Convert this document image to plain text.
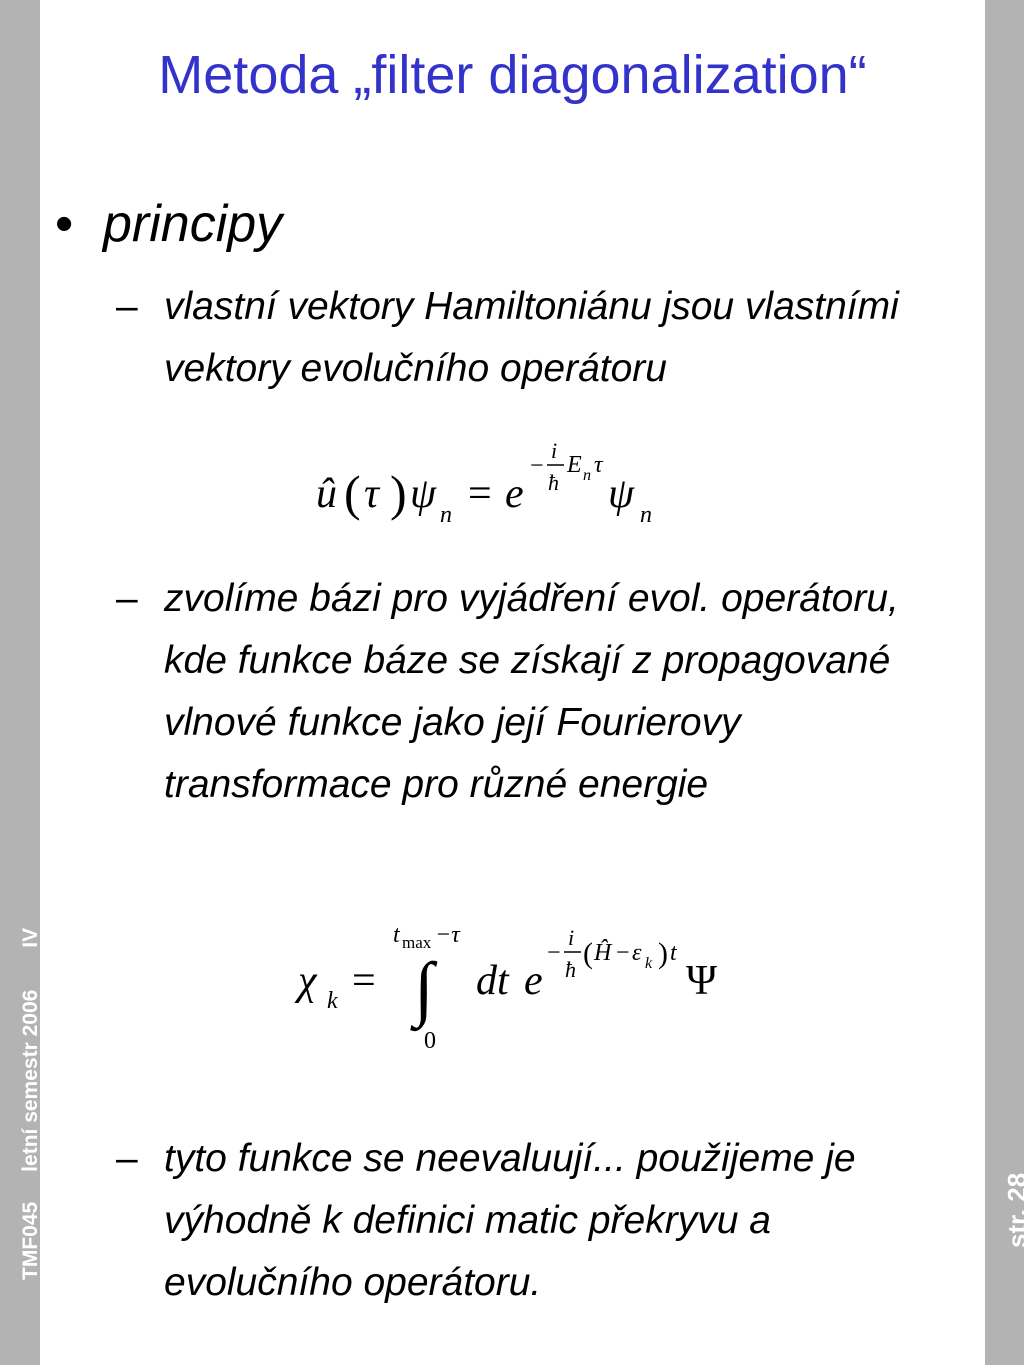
TMF045letní semestr 2006IV
str. 28
Metoda „filter diagonalization“
• principy
– vlastní vektory Hamiltoniánu jsou vlastními vektory evolučního operátoru
û ( τ ) ψ n = e
−
i
ħ
E n τ
ψ n
– zvolíme bázi pro vyjádření evol. operátoru, kde funkce báze se získají z propagované vlnové funkce jako její Fourierovy transformace pro různé energie
χ k =
t max −τ
∫
0
dt e
−
i
ħ ( Ĥ − ε k ) t
Ψ
– tyto funkce se neevaluují... použijeme je výhodně k definici matic překryvu a evolučního operátoru.
